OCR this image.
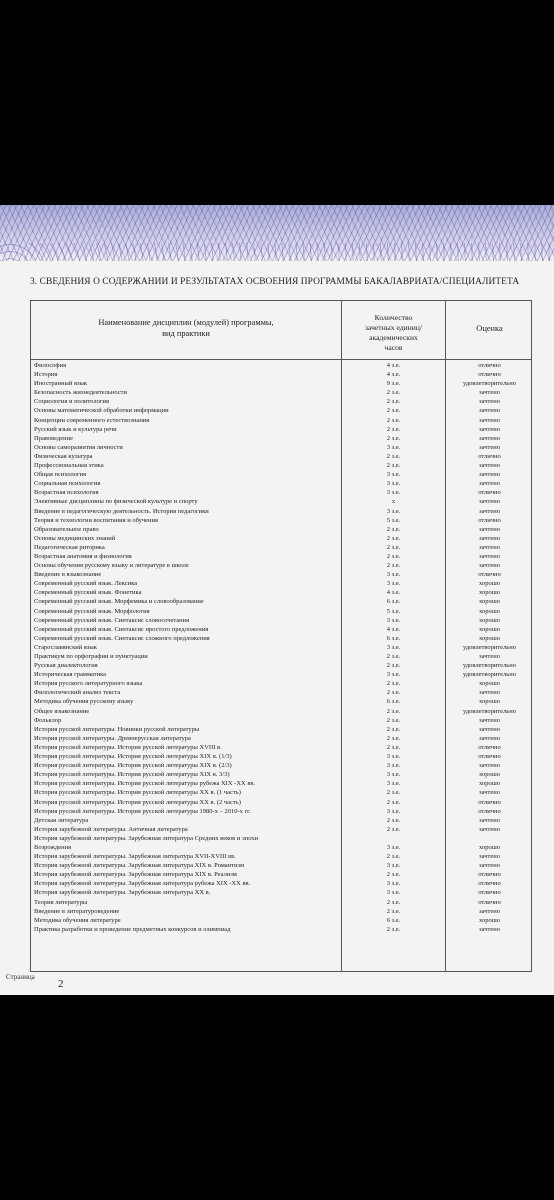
3. СВЕДЕНИЯ О СОДЕРЖАНИИ И РЕЗУЛЬТАТАХ ОСВОЕНИЯ ПРОГРАММЫ БАКАЛАВРИАТА/СПЕЦИАЛИТЕТА
Наименование дисциплин (модулей) программы,
вид практики
Количество
зачетных единиц/
академических
часов
Оценка
Философия	4 з.е.	отлично
История	4 з.е.	отлично
Иностранный язык	9 з.е.	удовлетворительно
Безопасность жизнедеятельности	2 з.е.	зачтено
Социология и политология	2 з.е.	зачтено
Основы математической обработки информации	2 з.е.	зачтено
Концепции современного естествознания	2 з.е.	зачтено
Русский язык и культура речи	2 з.е.	зачтено
Правоведение	2 з.е.	зачтено
Основы саморазвития личности	3 з.е.	зачтено
Физическая культура	2 з.е.	отлично
Профессиональная этика	2 з.е.	зачтено
Общая психология	3 з.е.	зачтено
Социальная психология	3 з.е.	зачтено
Возрастная психология	3 з.е.	отлично
Элективные дисциплины по физической культуре и спорту	х	зачтено
Введение в педагогическую деятельность. История педагогики	3 з.е.	зачтено
Теория и технологии воспитания и обучения	5 з.е.	отлично
Образовательное право	2 з.е.	зачтено
Основы медицинских знаний	2 з.е.	зачтено
Педагогическая риторика	2 з.е.	зачтено
Возрастная анатомия и физиология	2 з.е.	зачтено
Основы обучения русскому языку и литературе в школе	2 з.е.	зачтено
Введение в языкознание	3 з.е.	отлично
Современный русский язык. Лексика	3 з.е.	хорошо
Современный русский язык. Фонетика	4 з.е.	хорошо
Современный русский язык. Морфемика и словообразование	6 з.е.	хорошо
Современный русский язык. Морфология	5 з.е.	хорошо
Современный русский язык. Синтаксис словосочетания	3 з.е.	хорошо
Современный русский язык. Синтаксис простого предложения	4 з.е.	хорошо
Современный русский язык. Синтаксис сложного предложения	6 з.е.	хорошо
Старославянский язык	3 з.е.	удовлетворительно
Практикум по орфографии и пунктуации	2 з.е.	зачтено
Русская диалектология	2 з.е.	удовлетворительно
Историческая грамматика	3 з.е.	удовлетворительно
История русского литературного языка	2 з.е.	хорошо
Филологический анализ текста	2 з.е.	зачтено
Методика обучения русскому языку	6 з.е.	хорошо
Общее языкознание	2 з.е.	удовлетворительно
Фольклор	2 з.е.	зачтено
История русской литературы. Новинки русской литературы	2 з.е.	зачтено
История русской литературы. Древнерусская литература	2 з.е.	зачтено
История русской литературы. История русской литературы XVIII в.	2 з.е.	отлично
История русской литературы. История русской литературы XIX в. (1/3)	3 з.е.	отлично
История русской литературы. История русской литературы XIX в. (2/3)	3 з.е.	зачтено
История русской литературы. История русской литературы XIX в. 3/3)	3 з.е.	хорошо
История русской литературы. История русской литературы рубежа XIX -XX вв.	3 з.е.	хорошо
История русской литературы. История русской литературы XX в. (1 часть)	2 з.е.	зачтено
История русской литературы. История русской литературы XX в. (2 часть)	2 з.е.	отлично
История русской литературы. История русской литературы 1980-х – 2010-х гг.	3 з.е.	отлично
Детская литература	2 з.е.	зачтено
История зарубежной литературы. Античная литература	2 з.е.	зачтено
История зарубежной литературы. Зарубежная литература Средних веков и эпохи
Возрождения	3 з.е.	хорошо
История зарубежной литературы. Зарубежная литература XVII-XVIII вв.	2 з.е.	зачтено
История зарубежной литературы. Зарубежная литература XIX в. Романтизм	3 з.е.	зачтено
История зарубежной литературы. Зарубежная литература XIX в. Реализм	2 з.е.	отлично
История зарубежной литературы. Зарубежная литература рубежа XIX -XX вв.	3 з.е.	отлично
История зарубежной литературы. Зарубежная литература XX в.	3 з.е.	отлично
Теория литературы	2 з.е.	отлично
Введение в литературоведение	2 з.е.	зачтено
Методика обучения литературе	6 з.е.	хорошо
Практика разработки и проведение предметных конкурсов и олимпиад	2 з.е.	зачтено
Страница
2
